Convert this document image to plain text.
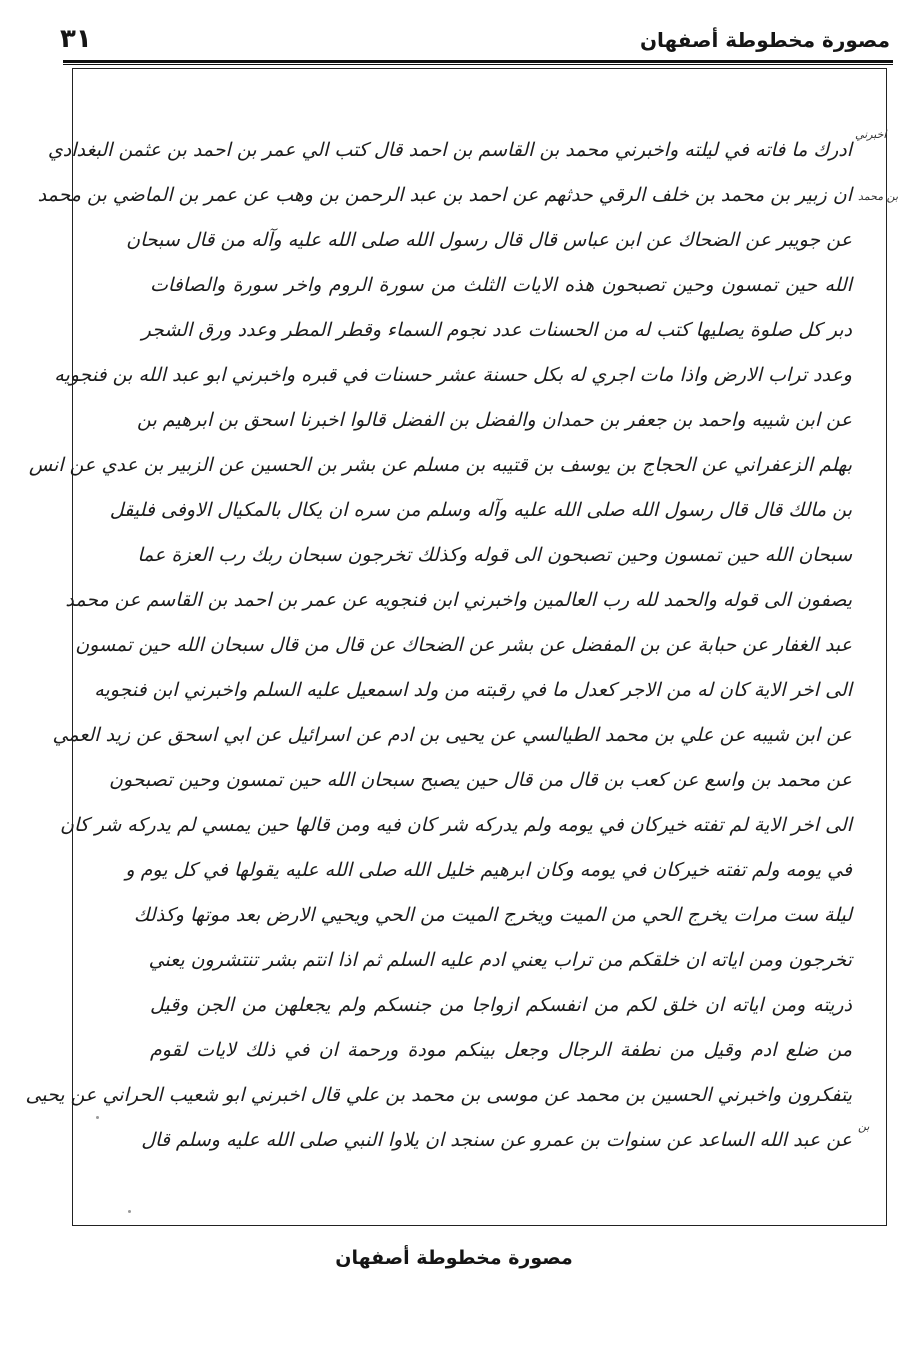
٣١	مصورة مخطوطة أصفهان
ادرك ما فاته في ليلته واخبرني محمد بن القاسم بن احمد قال كتب الي عمر بن احمد بن عثمن البغدادي
ان زبير بن محمد بن خلف الرقي حدثهم عن احمد بن عبد الرحمن بن وهب عن عمر بن الماضي بن محمد
عن جويبر عن الضحاك عن ابن عباس قال قال رسول الله صلى الله عليه وآله من قال سبحان
الله حين تمسون وحين تصبحون هذه الايات الثلث من سورة الروم واخر سورة والصافات
دبر كل صلوة يصليها كتب له من الحسنات عدد نجوم السماء وقطر المطر وعدد ورق الشجر
وعدد تراب الارض واذا مات اجري له بكل حسنة عشر حسنات في قبره واخبرني ابو عبد الله بن فنجويه
عن ابن شيبه واحمد بن جعفر بن حمدان والفضل بن الفضل قالوا اخبرنا اسحق بن ابرهيم بن
بهلم الزعفراني عن الحجاج بن يوسف بن قتيبه بن مسلم عن بشر بن الحسين عن الزبير بن عدي عن انس
بن مالك قال قال رسول الله صلى الله عليه وآله وسلم من سره ان يكال بالمكيال الاوفى فليقل
سبحان الله حين تمسون وحين تصبحون الى قوله وكذلك تخرجون سبحان ربك رب العزة عما
يصفون الى قوله والحمد لله رب العالمين واخبرني ابن فنجويه عن عمر بن احمد بن القاسم عن محمد
عبد الغفار عن حبابة عن بن المفضل عن بشر عن الضحاك عن قال من قال سبحان الله حين تمسون
الى اخر الاية كان له من الاجر كعدل ما في رقبته من ولد اسمعيل عليه السلم واخبرني ابن فنجويه
عن ابن شيبه عن علي بن محمد الطيالسي عن يحيى بن ادم عن اسرائيل عن ابي اسحق عن زيد العمي
عن محمد بن واسع عن كعب بن قال من قال حين يصبح سبحان الله حين تمسون وحين تصبحون
الى اخر الاية لم تفته خيركان في يومه ولم يدركه شر كان فيه ومن قالها حين يمسي لم يدركه شر كان
في يومه ولم تفته خيركان في يومه وكان ابرهيم خليل الله صلى الله عليه يقولها في كل يوم و
ليلة ست مرات يخرج الحي من الميت ويخرج الميت من الحي ويحيي الارض بعد موتها وكذلك
تخرجون ومن اياته ان خلقكم من تراب يعني ادم عليه السلم ثم اذا انتم بشر تنتشرون يعني
ذريته ومن اياته ان خلق لكم من انفسكم ازواجا من جنسكم ولم يجعلهن من الجن وقيل
من ضلع ادم وقيل من نطفة الرجال وجعل بينكم مودة ورحمة ان في ذلك لايات لقوم
يتفكرون واخبرني الحسين بن محمد عن موسى بن محمد بن علي قال اخبرني ابو شعيب الحراني عن يحيى
عن عبد الله الساعد عن سنوات بن عمرو عن سنجد ان يلاوا النبي صلى الله عليه وسلم قال
اخبرني
بن محمد
بن
مصورة مخطوطة أصفهان
